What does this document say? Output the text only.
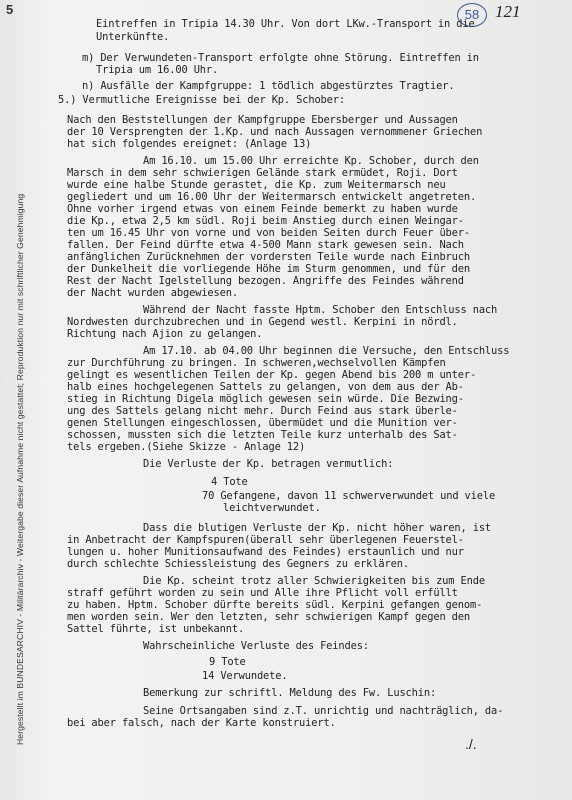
Hergestellt im BUNDESARCHIV - Militärarchiv - Weitergabe dieser Aufnahme nicht gestattet; Reproduktion nur mit schriftlicher Genehmigung
5	58 121
Eintreffen in Tripia 14.30 Uhr. Von dort LKw.-Transport in die
Unterkünfte.
m) Der Verwundeten-Transport erfolgte ohne Störung. Eintreffen in
Tripia um 16.00 Uhr.
n) Ausfälle der Kampfgruppe: 1 tödlich abgestürztes Tragtier.
5.) Vermutliche Ereignisse bei der Kp. Schober:
Nach den Beststellungen der Kampfgruppe Ebersberger und Aussagen
der 10 Versprengten der 1.Kp. und nach Aussagen vernommener Griechen
hat sich folgendes ereignet: (Anlage 13)
Am 16.10. um 15.00 Uhr erreichte Kp. Schober, durch den
Marsch in dem sehr schwierigen Gelände stark ermüdet, Roji. Dort
wurde eine halbe Stunde gerastet, die Kp. zum Weitermarsch neu
gegliedert und um 16.00 Uhr der Weitermarsch entwickelt angetreten.
Ohne vorher irgend etwas von einem Feinde bemerkt zu haben wurde
die Kp., etwa 2,5 km südl. Roji beim Anstieg durch einen Weingar-
ten um 16.45 Uhr von vorne und von beiden Seiten durch Feuer über-
fallen. Der Feind dürfte etwa 4-500 Mann stark gewesen sein. Nach
anfänglichen Zurücknehmen der vordersten Teile wurde nach Einbruch
der Dunkelheit die vorliegende Höhe im Sturm genommen, und für den
Rest der Nacht Igelstellung bezogen. Angriffe des Feindes während
der Nacht wurden abgewiesen.
Während der Nacht fasste Hptm. Schober den Entschluss nach
Nordwesten durchzubrechen und in Gegend westl. Kerpini in nördl.
Richtung nach Ajion zu gelangen.
Am 17.10. ab 04.00 Uhr beginnen die Versuche, den Entschluss
zur Durchführung zu bringen. In schweren,wechselvollen Kämpfen
gelingt es wesentlichen Teilen der Kp. gegen Abend bis 200 m unter-
halb eines hochgelegenen Sattels zu gelangen, von dem aus der Ab-
stieg in Richtung Digela möglich gewesen sein würde. Die Bezwing-
ung des Sattels gelang nicht mehr. Durch Feind aus stark überle-
genen Stellungen eingeschlossen, übermüdet und die Munition ver-
schossen, mussten sich die letzten Teile kurz unterhalb des Sat-
tels ergeben.(Siehe Skizze - Anlage 12)
Die Verluste der Kp. betragen vermutlich:
4 Tote
70 Gefangene, davon 11 schwerverwundet und viele
leichtverwundet.
Dass die blutigen Verluste der Kp. nicht höher waren, ist
in Anbetracht der Kampfspuren(überall sehr überlegenen Feuerstel-
lungen u. hoher Munitionsaufwand des Feindes) erstaunlich und nur
durch schlechte Schiessleistung des Gegners zu erklären.
Die Kp. scheint trotz aller Schwierigkeiten bis zum Ende
straff geführt worden zu sein und Alle ihre Pflicht voll erfüllt
zu haben. Hptm. Schober dürfte bereits südl. Kerpini gefangen genom-
men worden sein. Wer den letzten, sehr schwierigen Kampf gegen den
Sattel führte, ist unbekannt.
Wahrscheinliche Verluste des Feindes:
9 Tote
14 Verwundete.
Bemerkung zur schriftl. Meldung des Fw. Luschin:
Seine Ortsangaben sind z.T. unrichtig und nachträglich, da-
bei aber falsch, nach der Karte konstruiert.
./.
